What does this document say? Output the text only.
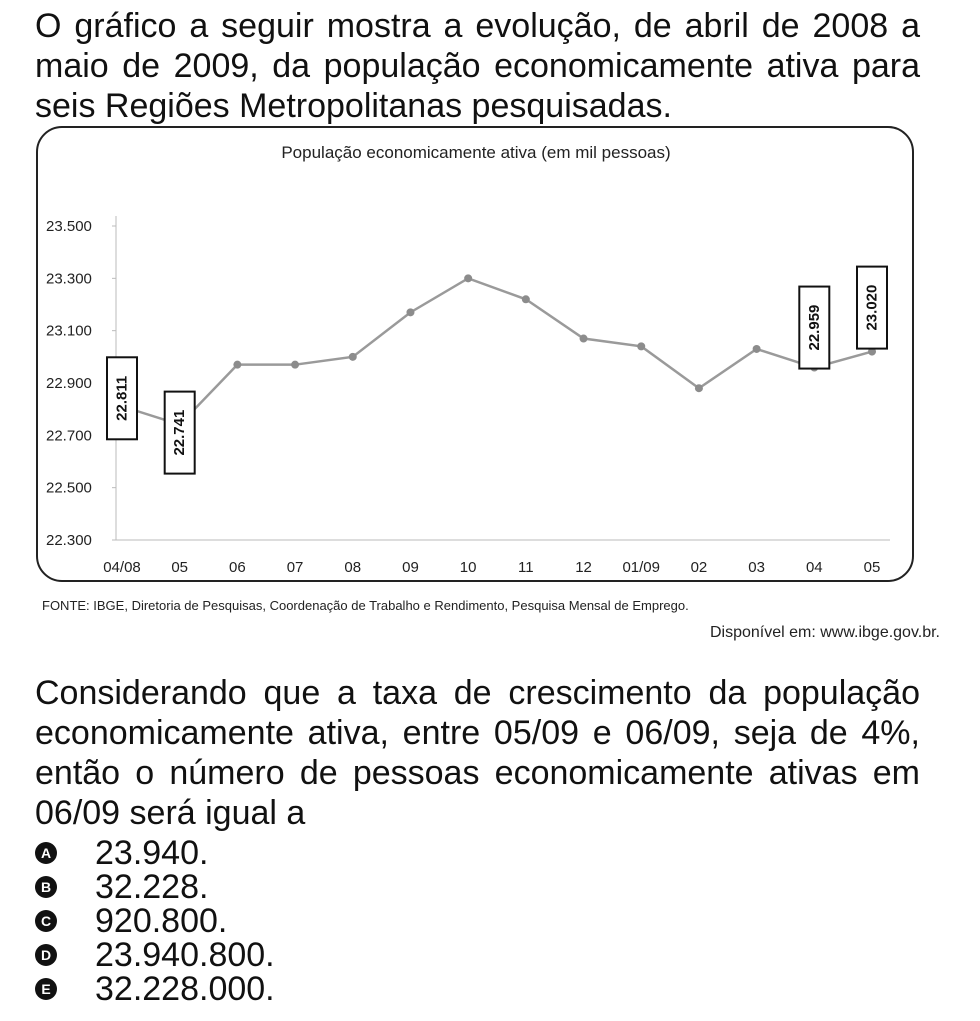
O gráfico a seguir mostra a evolução, de abril de 2008 a maio de 2009, da população economicamente ativa para seis Regiões Metropolitanas pesquisadas.

População economicamente ativa (em mil pessoas)
23.500
23.300
23.100
22.900
22.700
22.500
22.300
04/08 05	06	07	08	09	10	11	12 01/09 02	03	04	05
22.811
22.741
22.959	23.020
FONTE: IBGE, Diretoria de Pesquisas, Coordenação de Trabalho e Rendimento, Pesquisa Mensal de Emprego.
Disponível em: www.ibge.gov.br.

Considerando que a taxa de crescimento da população economicamente ativa, entre 05/09 e 06/09, seja de 4%, então o número de pessoas economicamente ativas em 06/09 será igual a

A 23.940.
B 32.228.
C 920.800.
D 23.940.800.
E 32.228.000.
